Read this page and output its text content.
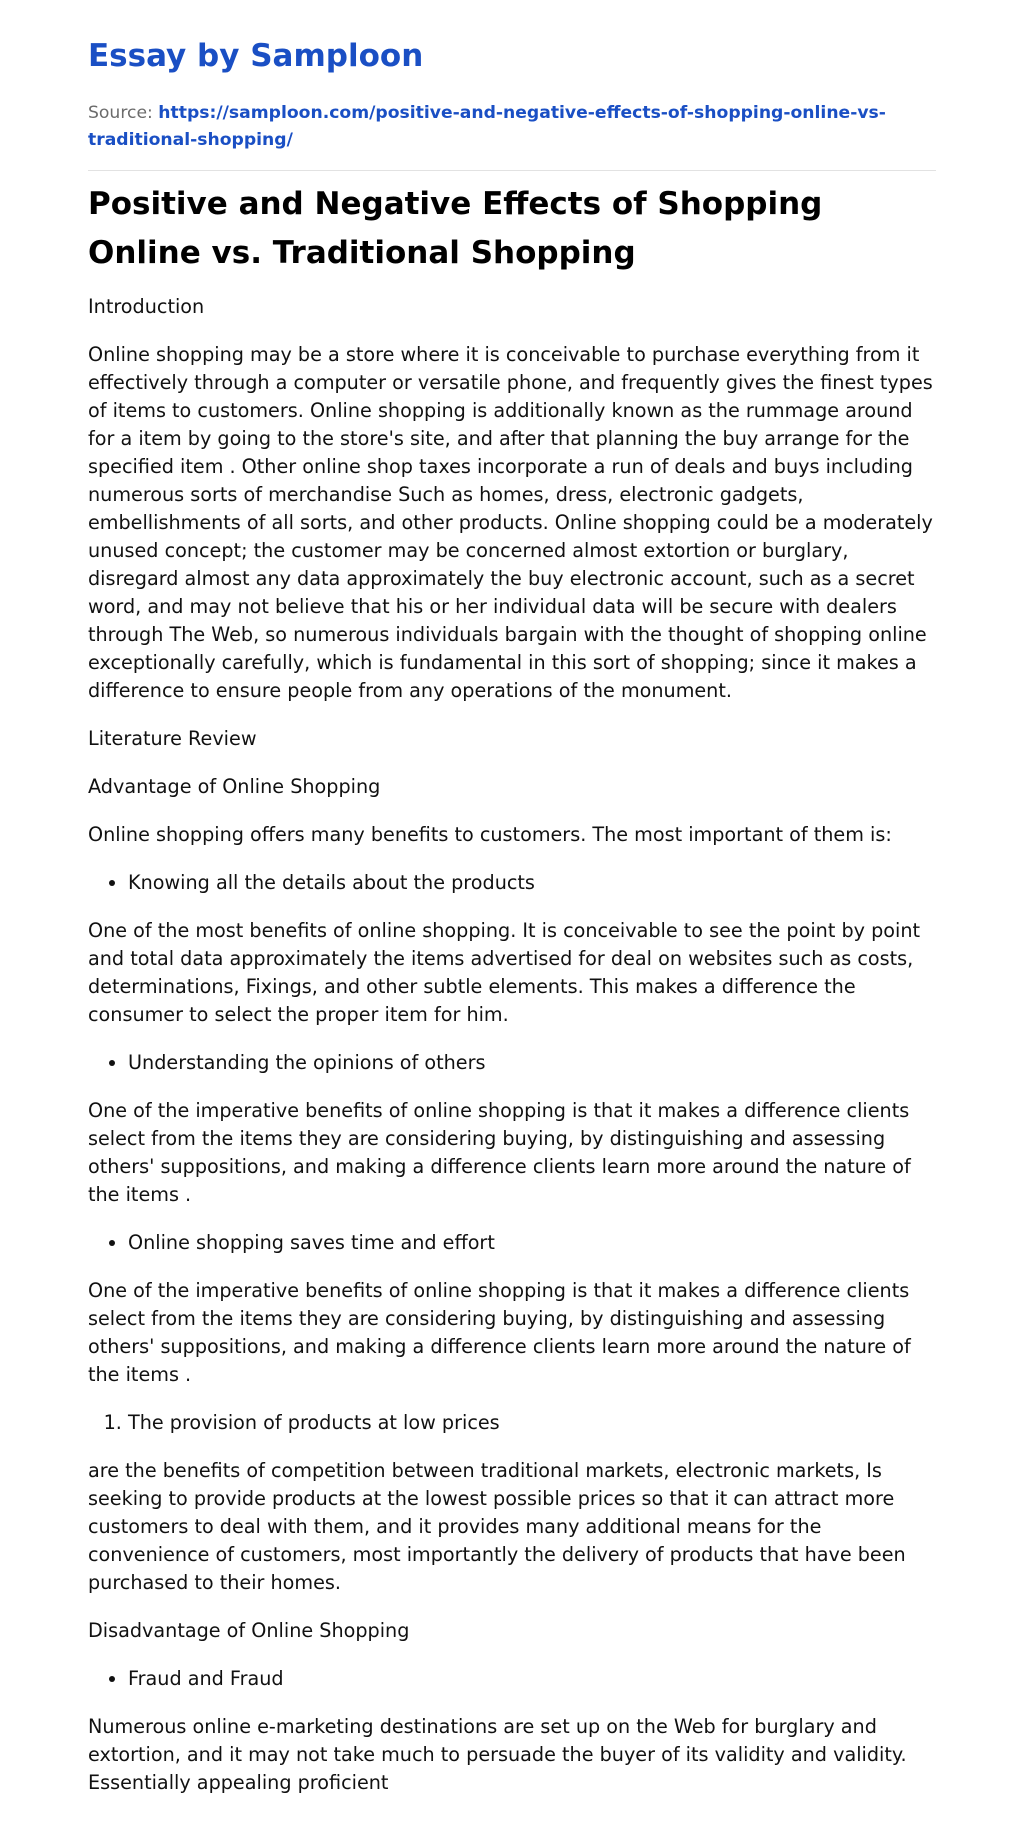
Essay by Samploon
Source: https://samploon.com/positive-and-negative-effects-of-shopping-online-vs-traditional-shopping/
Positive and Negative Effects of Shopping Online vs. Traditional Shopping

Introduction

Online shopping may be a store where it is conceivable to purchase everything from it effectively through a computer or versatile phone, and frequently gives the finest types of items to customers. Online shopping is additionally known as the rummage around for a item by going to the store's site, and after that planning the buy arrange for the specified item . Other online shop taxes incorporate a run of deals and buys including numerous sorts of merchandise Such as homes, dress, electronic gadgets, embellishments of all sorts, and other products. Online shopping could be a moderately unused concept; the customer may be concerned almost extortion or burglary, disregard almost any data approximately the buy electronic account, such as a secret word, and may not believe that his or her individual data will be secure with dealers through The Web, so numerous individuals bargain with the thought of shopping online exceptionally carefully, which is fundamental in this sort of shopping; since it makes a difference to ensure people from any operations of the monument.

Literature Review

Advantage of Online Shopping

Online shopping offers many benefits to customers. The most important of them is:

• Knowing all the details about the products

One of the most benefits of online shopping. It is conceivable to see the point by point and total data approximately the items advertised for deal on websites such as costs, determinations, Fixings, and other subtle elements. This makes a difference the consumer to select the proper item for him.

• Understanding the opinions of others

One of the imperative benefits of online shopping is that it makes a difference clients select from the items they are considering buying, by distinguishing and assessing others' suppositions, and making a difference clients learn more around the nature of the items .

• Online shopping saves time and effort

One of the imperative benefits of online shopping is that it makes a difference clients select from the items they are considering buying, by distinguishing and assessing others' suppositions, and making a difference clients learn more around the nature of the items .

1. The provision of products at low prices

are the benefits of competition between traditional markets, electronic markets, Is seeking to provide products at the lowest possible prices so that it can attract more customers to deal with them, and it provides many additional means for the convenience of customers, most importantly the delivery of products that have been purchased to their homes.

Disadvantage of Online Shopping

• Fraud and Fraud

Numerous online e-marketing destinations are set up on the Web for burglary and extortion, and it may not take much to persuade the buyer of its validity and validity. Essentially appealing proficient
